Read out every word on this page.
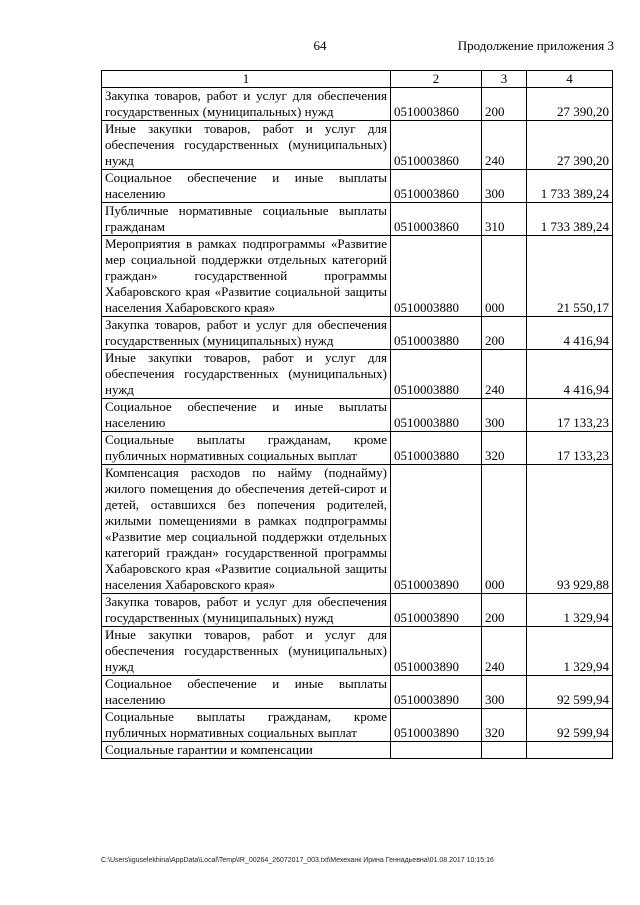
64	Продолжение приложения 3
1	2	3	4
Закупка товаров, работ и услуг для обеспечения государственных (муниципальных) нужд	0510003860	200	27 390,20
Иные закупки товаров, работ и услуг для обеспечения государственных (муниципальных) нужд	0510003860	240	27 390,20
Социальное обеспечение и иные выплаты населению	0510003860	300	1 733 389,24
Публичные нормативные социальные выплаты гражданам	0510003860	310	1 733 389,24
Мероприятия в рамках подпрограммы «Развитие мер социальной поддержки отдельных категорий граждан» государственной программы Хабаровского края «Развитие социальной защиты населения Хабаровского края»	0510003880	000	21 550,17
Закупка товаров, работ и услуг для обеспечения государственных (муниципальных) нужд	0510003880	200	4 416,94
Иные закупки товаров, работ и услуг для обеспечения государственных (муниципальных) нужд	0510003880	240	4 416,94
Социальное обеспечение и иные выплаты населению	0510003880	300	17 133,23
Социальные выплаты гражданам, кроме публичных нормативных социальных выплат	0510003880	320	17 133,23
Компенсация расходов по найму (поднайму) жилого помещения до обеспечения детей-сирот и детей, оставшихся без попечения родителей, жилыми помещениями в рамках подпрограммы «Развитие мер социальной поддержки отдельных категорий граждан» государственной программы Хабаровского края «Развитие социальной защиты населения Хабаровского края»	0510003890	000	93 929,88
Закупка товаров, работ и услуг для обеспечения государственных (муниципальных) нужд	0510003890	200	1 329,94
Иные закупки товаров, работ и услуг для обеспечения государственных (муниципальных) нужд	0510003890	240	1 329,94
Социальное обеспечение и иные выплаты населению	0510003890	300	92 599,94
Социальные выплаты гражданам, кроме публичных нормативных социальных выплат	0510003890	320	92 599,94
Социальные гарантии и компенсации			
C:\Users\iguselekhina\AppData\Local\Temp\IR_00264_26072017_003.txt\Мехеханк Ирина Геннадьевна\01.08.2017 10:15:16
